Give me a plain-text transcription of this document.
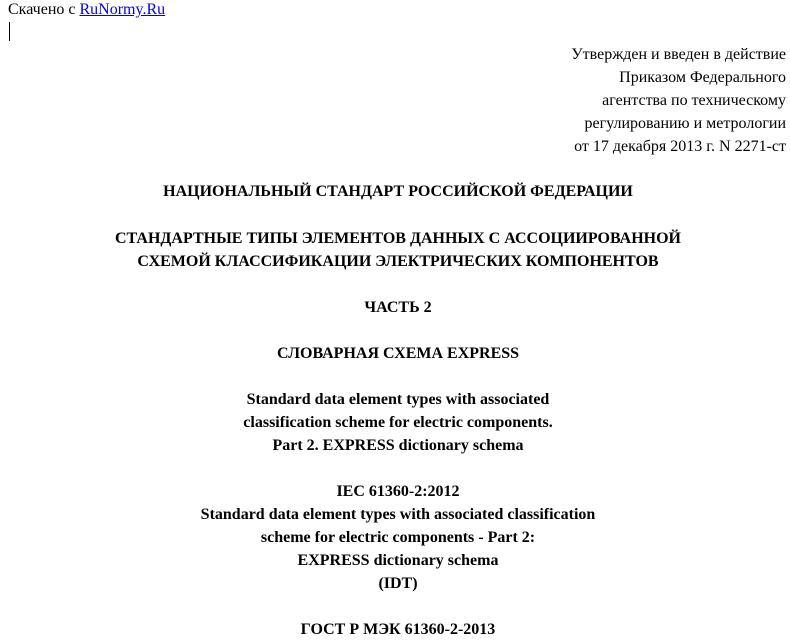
Скачено с RuNormy.Ru
Утвержден и введен в действие
Приказом Федерального
агентства по техническому
регулированию и метрологии
от 17 декабря 2013 г. N 2271-ст
НАЦИОНАЛЬНЫЙ СТАНДАРТ РОССИЙСКОЙ ФЕДЕРАЦИИ
СТАНДАРТНЫЕ ТИПЫ ЭЛЕМЕНТОВ ДАННЫХ С АССОЦИИРОВАННОЙ
СХЕМОЙ КЛАССИФИКАЦИИ ЭЛЕКТРИЧЕСКИХ КОМПОНЕНТОВ
ЧАСТЬ 2
СЛОВАРНАЯ СХЕМА EXPRESS
Standard data element types with associated
classification scheme for electric components.
Part 2. EXPRESS dictionary schema
IEC 61360-2:2012
Standard data element types with associated classification
scheme for electric components - Part 2:
EXPRESS dictionary schema
(IDT)
ГОСТ Р МЭК 61360-2-2013
